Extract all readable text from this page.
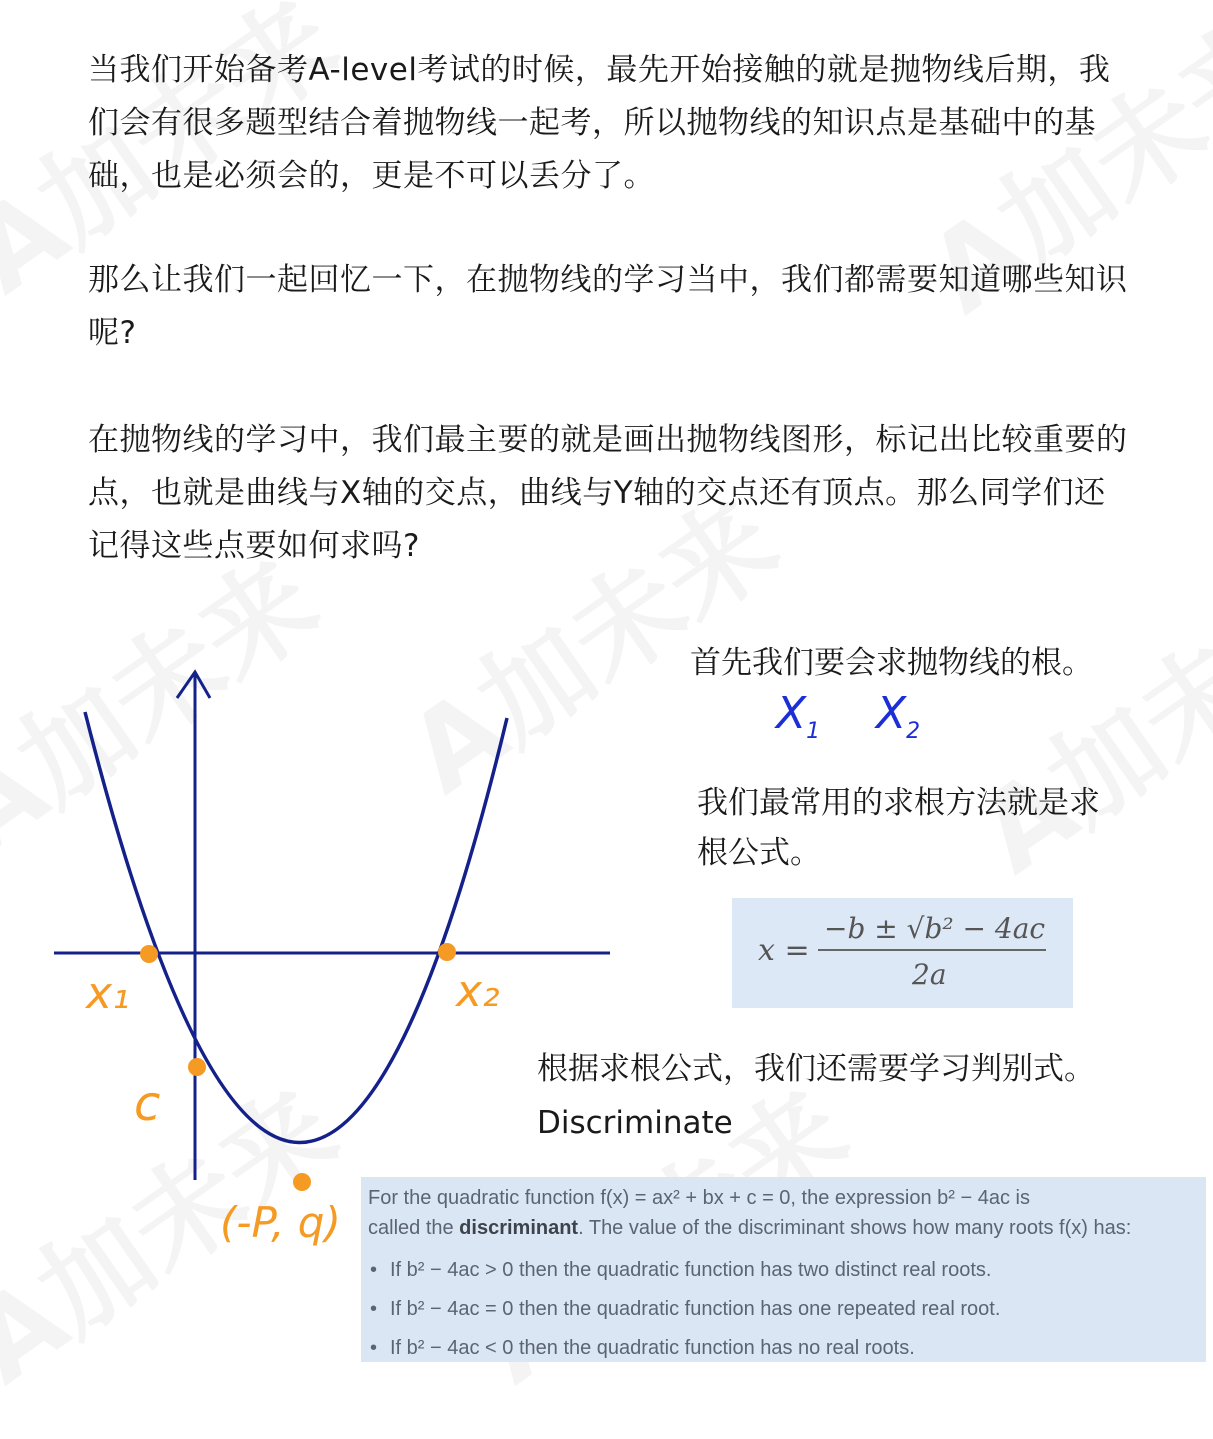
当我们开始备考A-level考试的时候，最先开始接触的就是抛物线后期，我们会有很多题型结合着抛物线一起考，所以抛物线的知识点是基础中的基础，也是必须会的，更是不可以丢分了。
那么让我们一起回忆一下，在抛物线的学习当中，我们都需要知道哪些知识呢?
在抛物线的学习中，我们最主要的就是画出抛物线图形，标记出比较重要的点，也就是曲线与X轴的交点，曲线与Y轴的交点还有顶点。那么同学们还记得这些点要如何求吗?
x₁	x₂
c
(-P, q)
首先我们要会求抛物线的根。
$X_1$ $X_2$
我们最常用的求根方法就是求根公式。
x =
−b ± √b² − 4ac
2a
根据求根公式，我们还需要学习判别式。
Discriminate
For the quadratic function f(x) = ax² + bx + c = 0, the expression b² − 4ac is
called the discriminant. The value of the discriminant shows how many roots f(x) has:
• If b² − 4ac > 0 then the quadratic function has two distinct real roots.
• If b² − 4ac = 0 then the quadratic function has one repeated real root.
• If b² − 4ac < 0 then the quadratic function has no real roots.
